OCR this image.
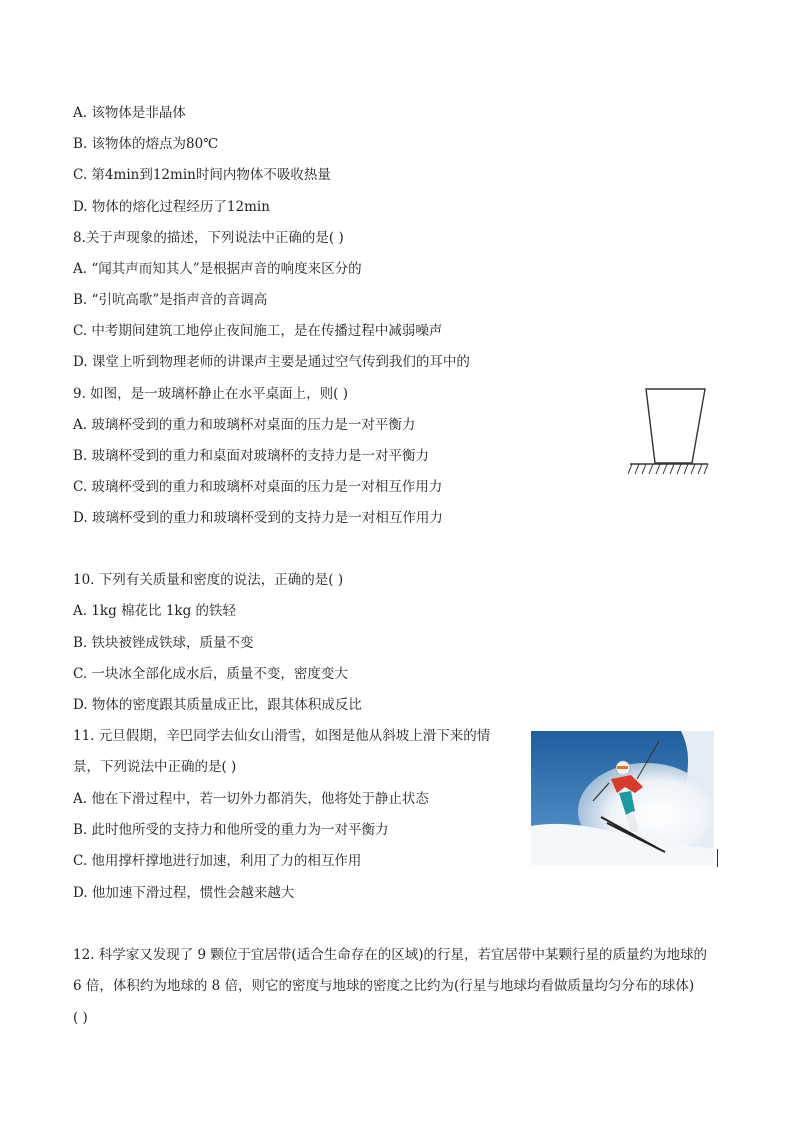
A. 该物体是非晶体
B. 该物体的熔点为80℃
C. 第4min到12min时间内物体不吸收热量
D. 物体的熔化过程经历了12min
8.关于声现象的描述，下列说法中正确的是( )
A. “闻其声而知其人”是根据声音的响度来区分的
B. “引吭高歌”是指声音的音调高
C. 中考期间建筑工地停止夜间施工，是在传播过程中减弱噪声
D. 课堂上听到物理老师的讲课声主要是通过空气传到我们的耳中的
9. 如图，是一玻璃杯静止在水平桌面上，则( )
A. 玻璃杯受到的重力和玻璃杯对桌面的压力是一对平衡力
B. 玻璃杯受到的重力和桌面对玻璃杯的支持力是一对平衡力
C. 玻璃杯受到的重力和玻璃杯对桌面的压力是一对相互作用力
D. 玻璃杯受到的重力和玻璃杯受到的支持力是一对相互作用力
10. 下列有关质量和密度的说法，正确的是( )
A. 1kg 棉花比 1kg 的铁轻
B. 铁块被锉成铁球，质量不变
C. 一块冰全部化成水后，质量不变，密度变大
D. 物体的密度跟其质量成正比，跟其体积成反比
11. 元旦假期，辛巴同学去仙女山滑雪，如图是他从斜坡上滑下来的情
景，下列说法中正确的是( )
A. 他在下滑过程中，若一切外力都消失，他将处于静止状态
B. 此时他所受的支持力和他所受的重力为一对平衡力
C. 他用撑杆撑地进行加速，利用了力的相互作用
D. 他加速下滑过程，惯性会越来越大
12. 科学家又发现了 9 颗位于宜居带(适合生命存在的区域)的行星，若宜居带中某颗行星的质量约为地球的
6 倍，体积约为地球的 8 倍，则它的密度与地球的密度之比约为(行星与地球均看做质量均匀分布的球体)
( )
